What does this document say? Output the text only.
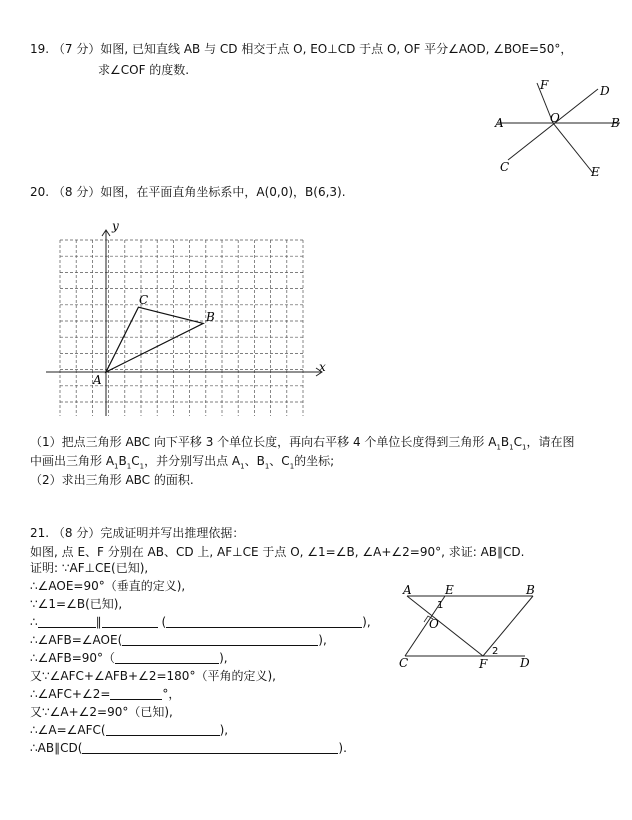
19. （7 分）如图, 已知直线 AB 与 CD 相交于点 O, EO⊥CD 于点 O, OF 平分∠AOD, ∠BOE=50°，
求∠COF 的度数.
A	B
C
D
E
F
O
20. （8 分）如图，在平面直角坐标系中，A(0,0)，B(6,3).
x
y
A
B
C
（1）把点三角形 ABC 向下平移 3 个单位长度，再向右平移 4 个单位长度得到三角形 $A_1B_1C_1$，请在图
中画出三角形 $A_1B_1C_1$，并分别写出点 $A_1$、$B_1$、$C_1$的坐标;
（2）求出三角形 ABC 的面积.
21. （8 分）完成证明并写出推理依据：
如图, 点 E、F 分别在 AB、CD 上, AF⊥CE 于点 O, ∠1=∠B, ∠A+∠2=90°, 求证: AB∥CD.
证明: ∵AF⊥CE(已知),
∴∠AOE=90°（垂直的定义),
∵∠1=∠B(已知),
∴	∥	(	),
∴∠AFB=∠AOE(	),
∴∠AFB=90°（	),
又∵∠AFC+∠AFB+∠2=180°（平角的定义),
∴∠AFC+∠2=	°，
又∵∠A+∠2=90°（已知),
∴∠A=∠AFC(	),
∴AB∥CD(	).
A	E	B
C	F	D
O
1
2
